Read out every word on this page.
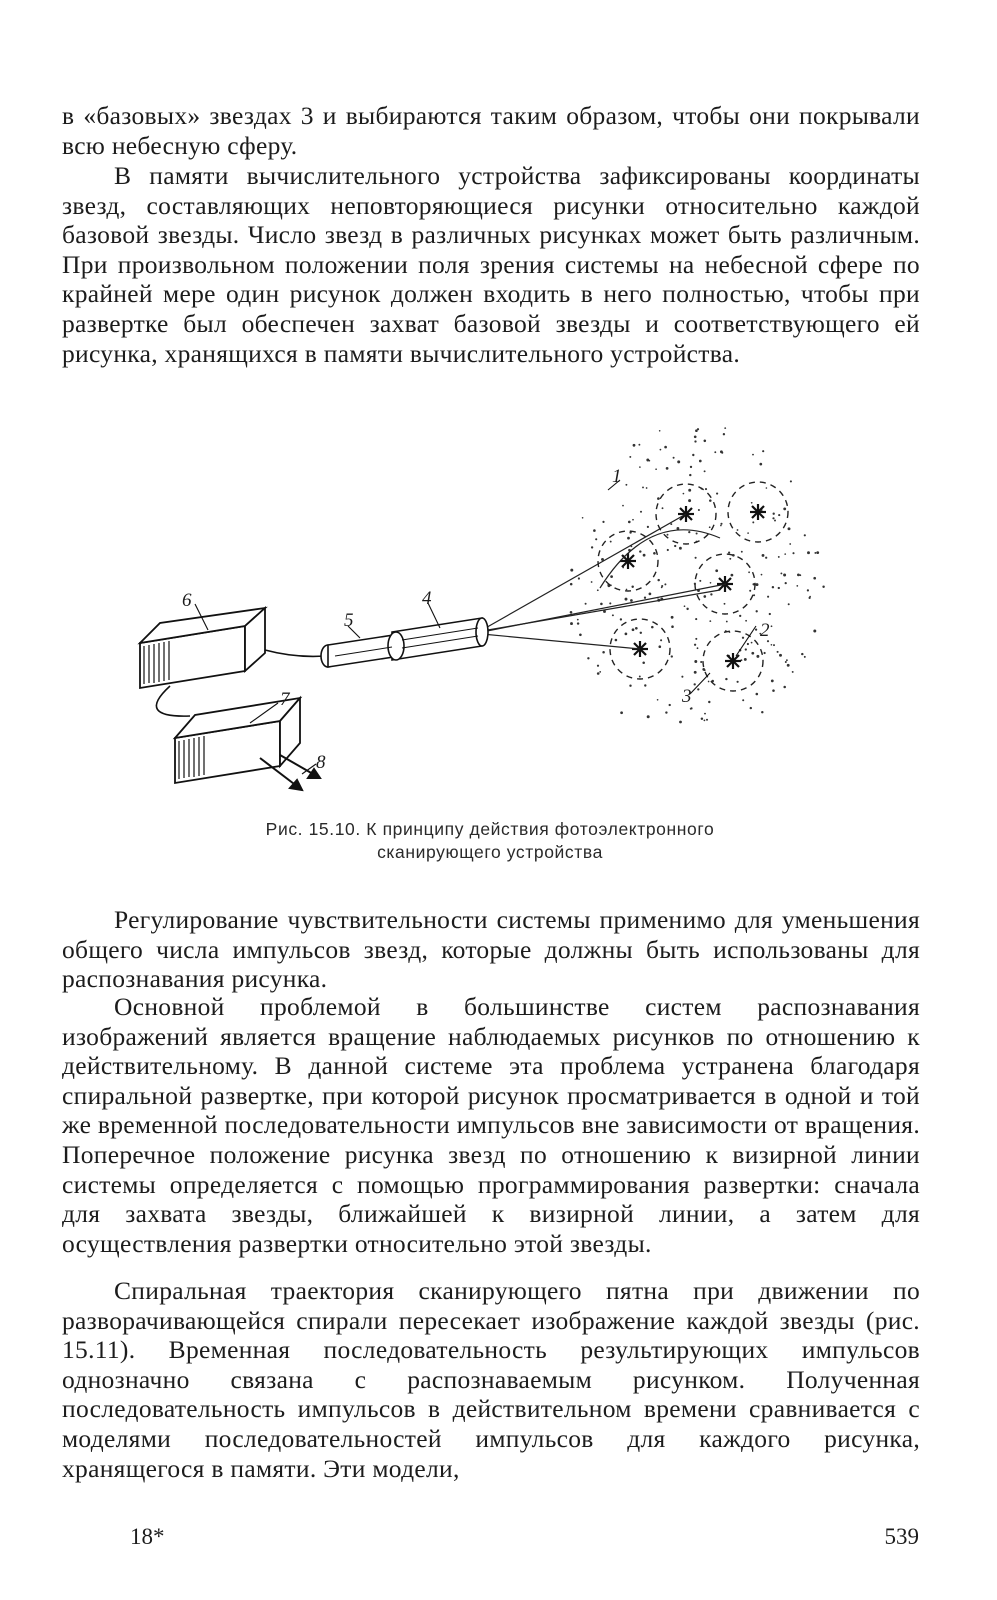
в «базовых» звездах 3 и выбираются таким образом, чтобы они покрывали всю небесную сферу.

В памяти вычислительного устройства зафиксированы координаты звезд, составляющих неповторяющиеся рисунки относительно каждой базовой звезды. Число звезд в различных рисунках может быть различным. При произвольном положении поля зрения системы на небесной сфере по крайней мере один рисунок должен входить в него полностью, чтобы при развертке был обеспечен захват базовой звезды и соответствующего ей рисунка, хранящихся в памяти вычислительного устройства.

1
2
3
4
5
6
7
8

Рис. 15.10. К принципу действия фотоэлектронного
сканирующего устройства

Регулирование чувствительности системы применимо для уменьшения общего числа импульсов звезд, которые должны быть использованы для распознавания рисунка.

Основной проблемой в большинстве систем распознавания изображений является вращение наблюдаемых рисунков по отношению к действительному. В данной системе эта проблема устранена благодаря спиральной развертке, при которой рисунок просматривается в одной и той же временной последовательности импульсов вне зависимости от вращения. Поперечное положение рисунка звезд по отношению к визирной линии системы определяется с помощью программирования развертки: сначала для захвата звезды, ближайшей к визирной линии, а затем для осуществления развертки относительно этой звезды.

Спиральная траектория сканирующего пятна при движении по разворачивающейся спирали пересекает изображение каждой звезды (рис. 15.11). Временная последовательность результирующих импульсов однозначно связана с распознаваемым рисунком. Полученная последовательность импульсов в действительном времени сравнивается с моделями последовательностей импульсов для каждого рисунка, хранящегося в памяти. Эти модели,

18*	539
